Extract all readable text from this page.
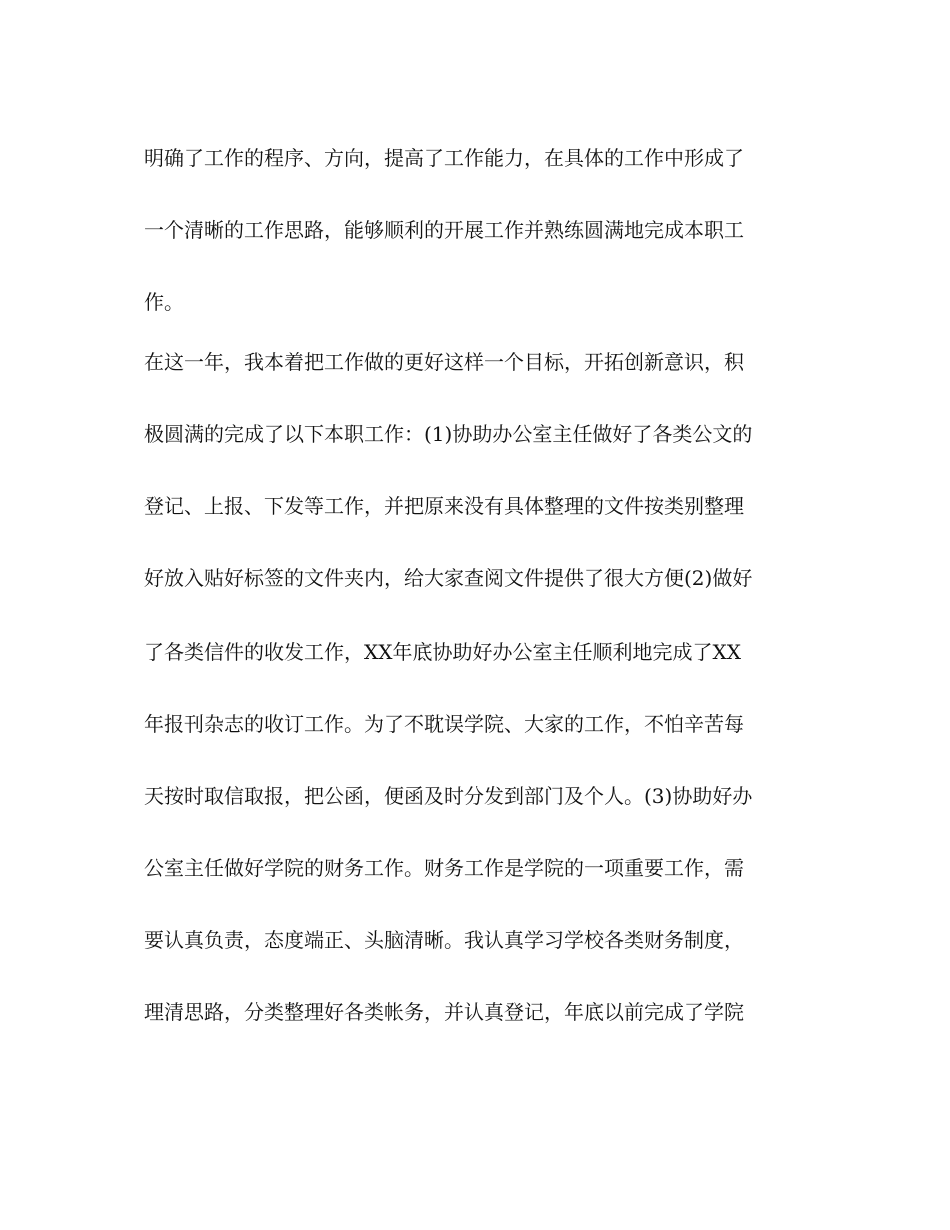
明确了工作的程序、方向，提高了工作能力，在具体的工作中形成了

一个清晰的工作思路，能够顺利的开展工作并熟练圆满地完成本职工

作。

在这一年，我本着把工作做的更好这样一个目标，开拓创新意识，积

极圆满的完成了以下本职工作：(1)协助办公室主任做好了各类公文的

登记、上报、下发等工作，并把原来没有具体整理的文件按类别整理

好放入贴好标签的文件夹内，给大家查阅文件提供了很大方便(2)做好

了各类信件的收发工作，XX年底协助好办公室主任顺利地完成了XX

年报刊杂志的收订工作。为了不耽误学院、大家的工作，不怕辛苦每

天按时取信取报，把公函，便函及时分发到部门及个人。(3)协助好办

公室主任做好学院的财务工作。财务工作是学院的一项重要工作，需

要认真负责，态度端正、头脑清晰。我认真学习学校各类财务制度，

理清思路，分类整理好各类帐务，并认真登记，年底以前完成了学院
